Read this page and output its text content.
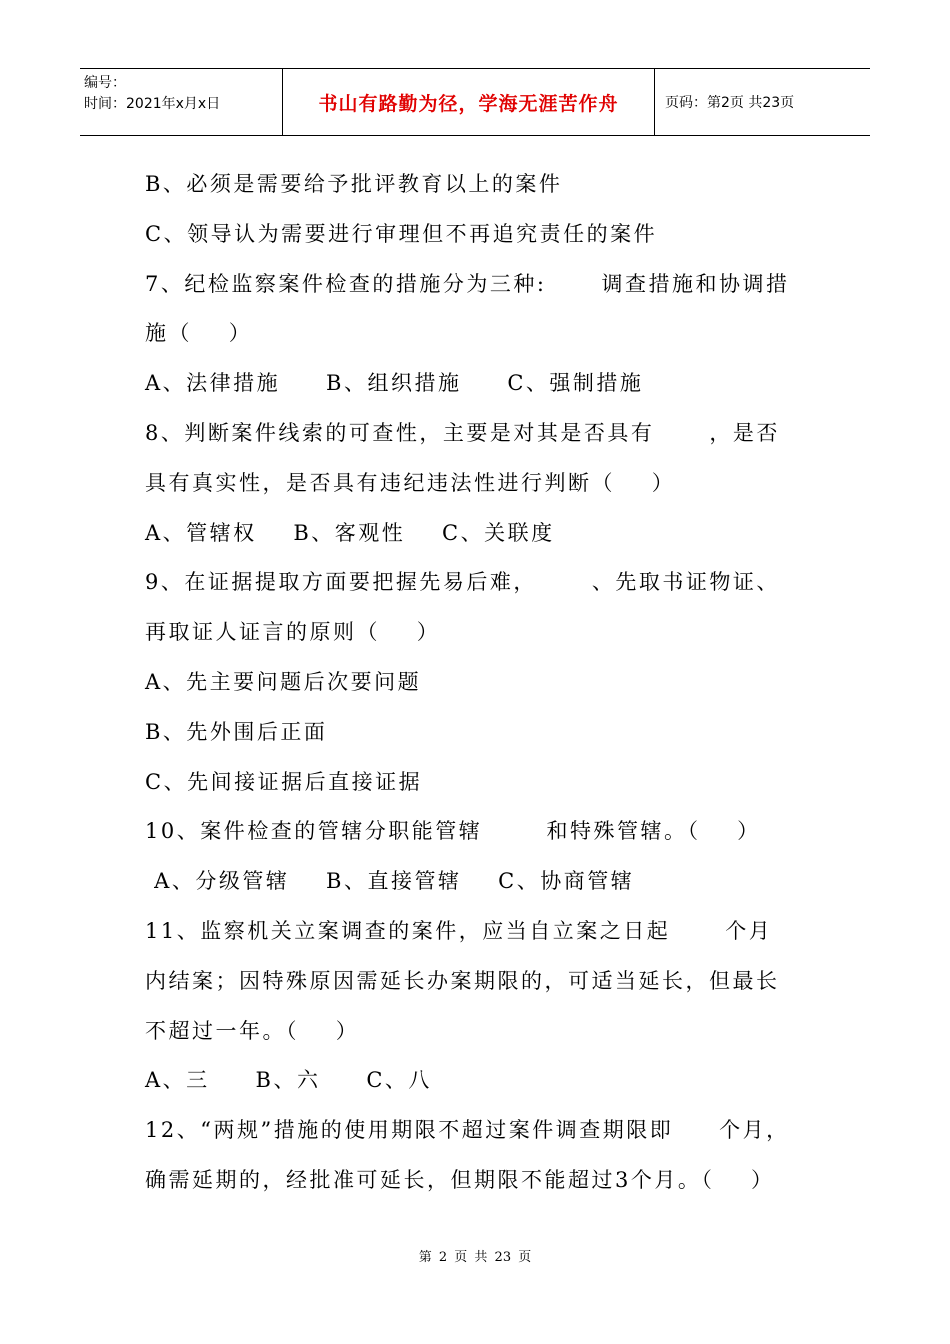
编号：
时间：2021年x月x日	书山有路勤为径，学海无涯苦作舟	页码：第2页 共23页
B、必须是需要给予批评教育以上的案件
C、领导认为需要进行审理但不再追究责任的案件
7、纪检监察案件检查的措施分为三种:      调查措施和协调措
施（    ）
A、法律措施     B、组织措施     C、强制措施
8、判断案件线索的可查性，主要是对其是否具有      ，是否
具有真实性，是否具有违纪违法性进行判断（    ）
A、管辖权    B、客观性    C、关联度
9、在证据提取方面要把握先易后难，      、先取书证物证、
再取证人证言的原则（    ）
A、先主要问题后次要问题
B、先外围后正面
C、先间接证据后直接证据
10、案件检查的管辖分职能管辖       和特殊管辖。（    ）
A、分级管辖    B、直接管辖    C、协商管辖
11、监察机关立案调查的案件，应当自立案之日起      个月
内结案；因特殊原因需延长办案期限的，可适当延长，但最长
不超过一年。（    ）
A、三     B、六     C、八
12、“两规”措施的使用期限不超过案件调查期限即     个月，
确需延期的，经批准可延长，但期限不能超过3个月。（    ）
第 2 页 共 23 页
